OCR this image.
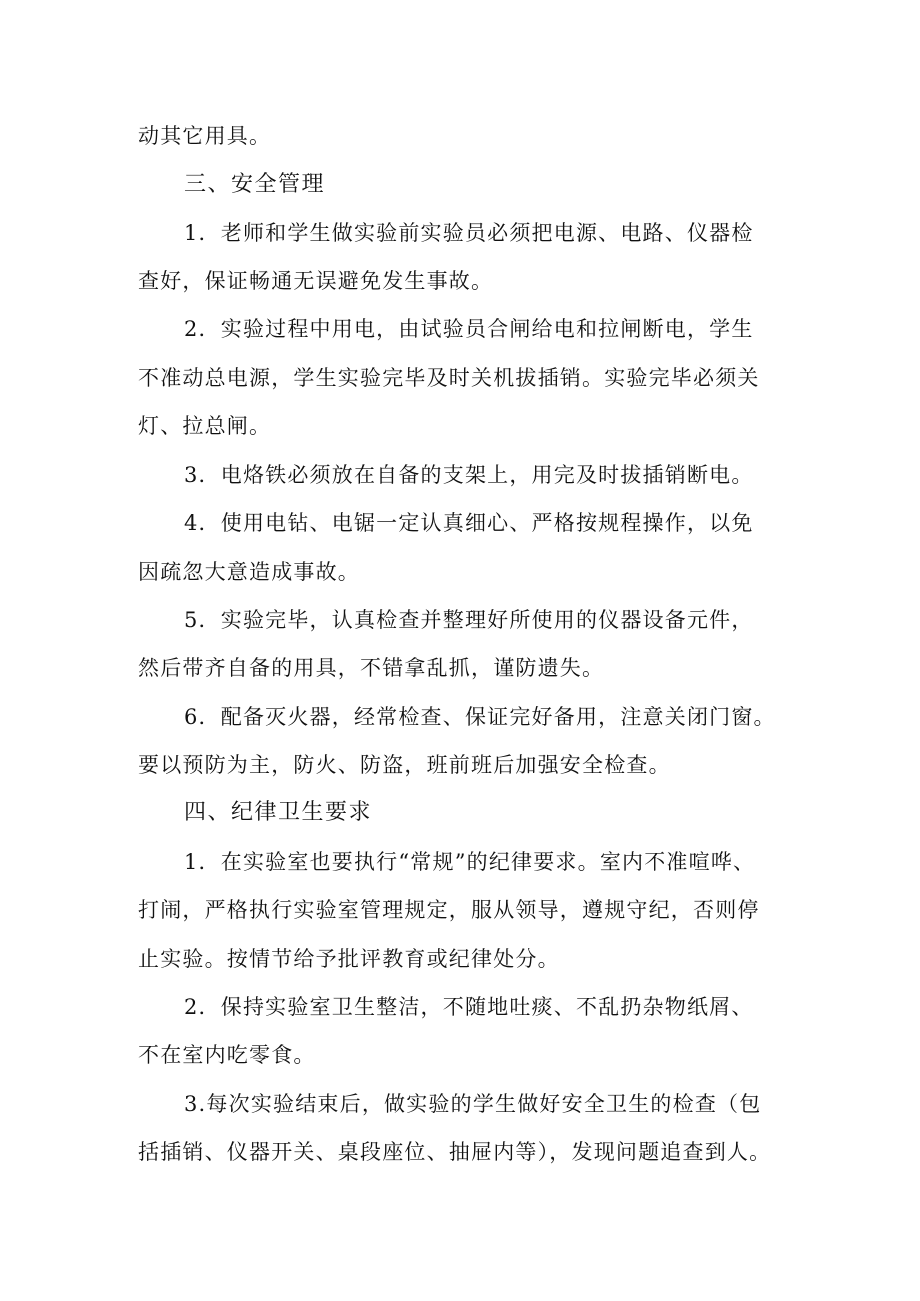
动其它用具。
三、安全管理
1．老师和学生做实验前实验员必须把电源、电路、仪器检
查好，保证畅通无误避免发生事故。
2．实验过程中用电，由试验员合闸给电和拉闸断电，学生
不准动总电源，学生实验完毕及时关机拔插销。实验完毕必须关
灯、拉总闸。
3．电烙铁必须放在自备的支架上，用完及时拔插销断电。
4．使用电钻、电锯一定认真细心、严格按规程操作，以免
因疏忽大意造成事故。
5．实验完毕，认真检查并整理好所使用的仪器设备元件，
然后带齐自备的用具，不错拿乱抓，谨防遗失。
6．配备灭火器，经常检查、保证完好备用，注意关闭门窗。
要以预防为主，防火、防盗，班前班后加强安全检查。
四、纪律卫生要求
1．在实验室也要执行“常规”的纪律要求。室内不准喧哗、
打闹，严格执行实验室管理规定，服从领导，遵规守纪，否则停
止实验。按情节给予批评教育或纪律处分。
2．保持实验室卫生整洁，不随地吐痰、不乱扔杂物纸屑、
不在室内吃零食。
3.每次实验结束后，做实验的学生做好安全卫生的检查（包
括插销、仪器开关、桌段座位、抽屉内等），发现问题追查到人。
